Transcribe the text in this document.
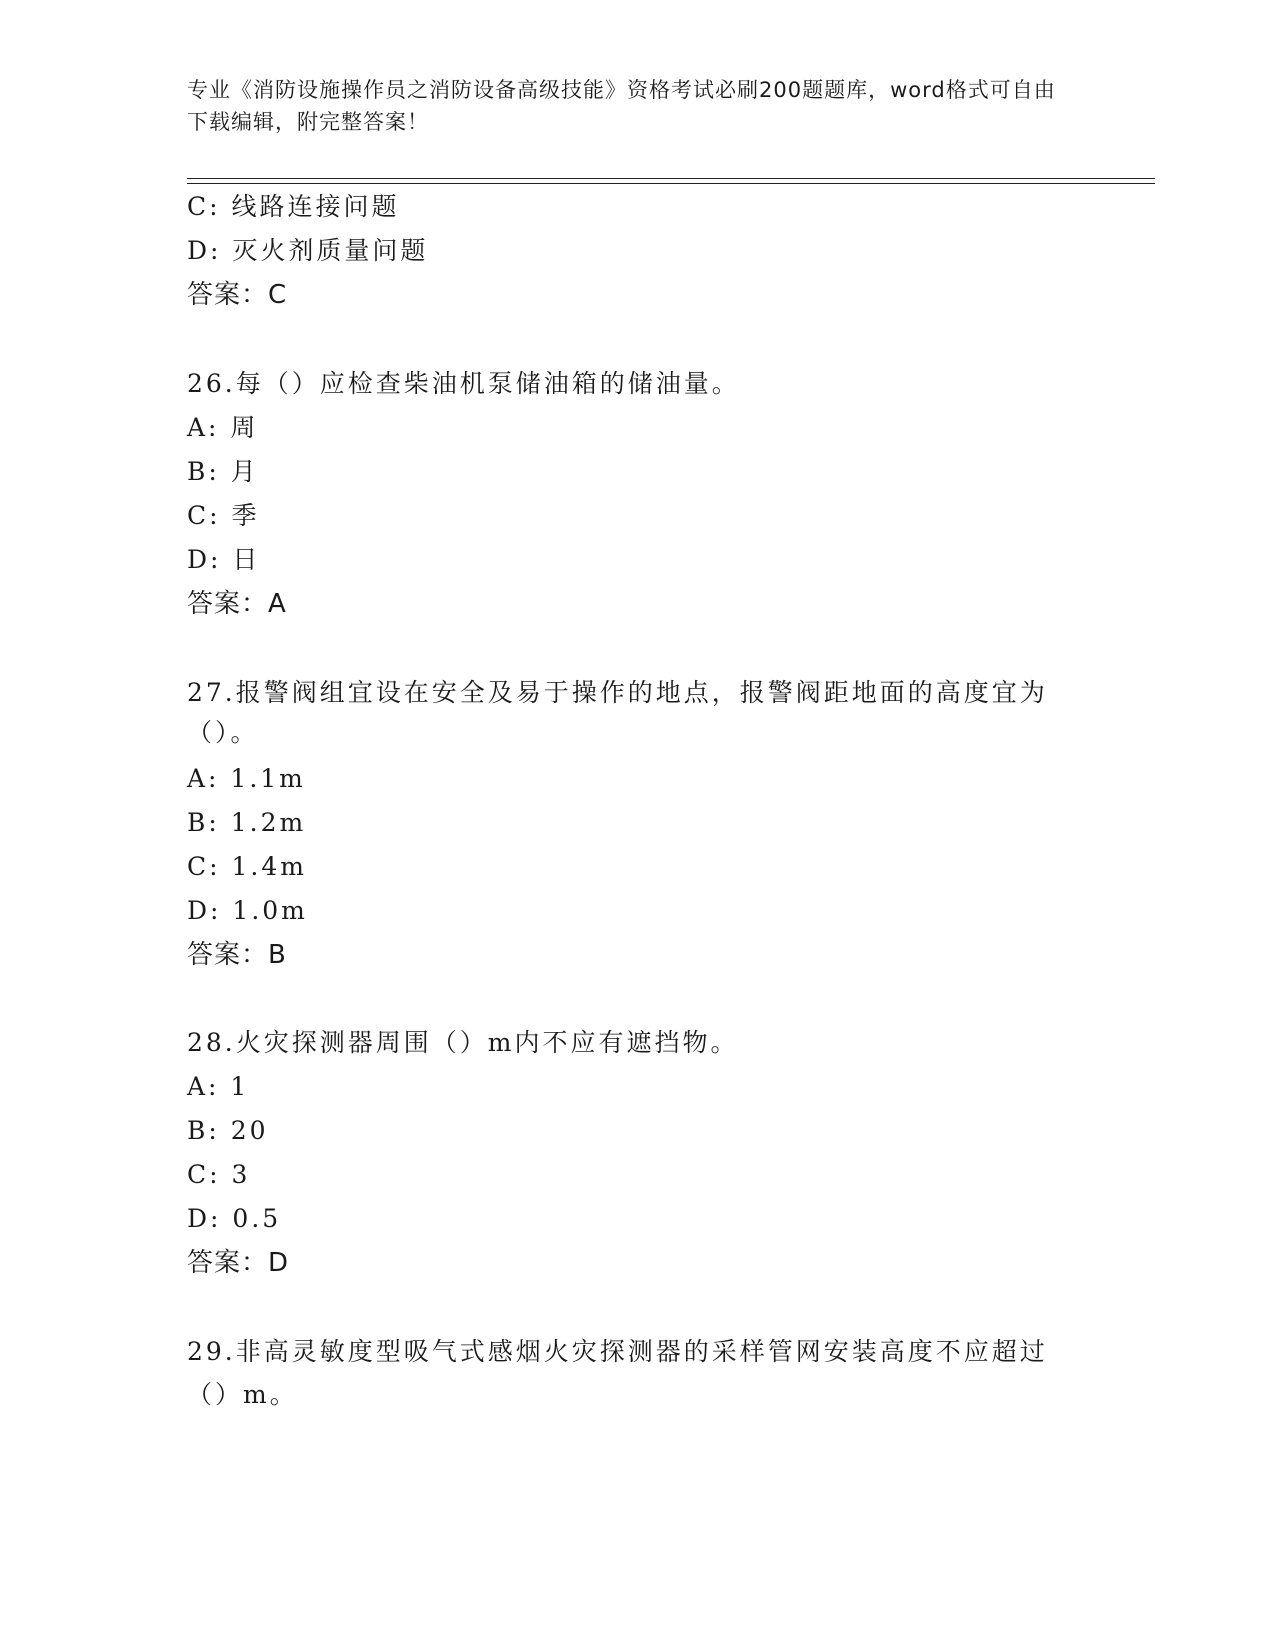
专业《消防设施操作员之消防设备高级技能》资格考试必刷200题题库，word格式可自由下载编辑，附完整答案！
C: 线路连接问题
D: 灭火剂质量问题
答案：C
26.每（）应检查柴油机泵储油箱的储油量。
A: 周
B: 月
C: 季
D: 日
答案：A
27.报警阀组宜设在安全及易于操作的地点，报警阀距地面的高度宜为
（）。
A: 1.1m
B: 1.2m
C: 1.4m
D: 1.0m
答案：B
28.火灾探测器周围（）m内不应有遮挡物。
A: 1
B: 20
C: 3
D: 0.5
答案：D
29.非高灵敏度型吸气式感烟火灾探测器的采样管网安装高度不应超过
（）m。
